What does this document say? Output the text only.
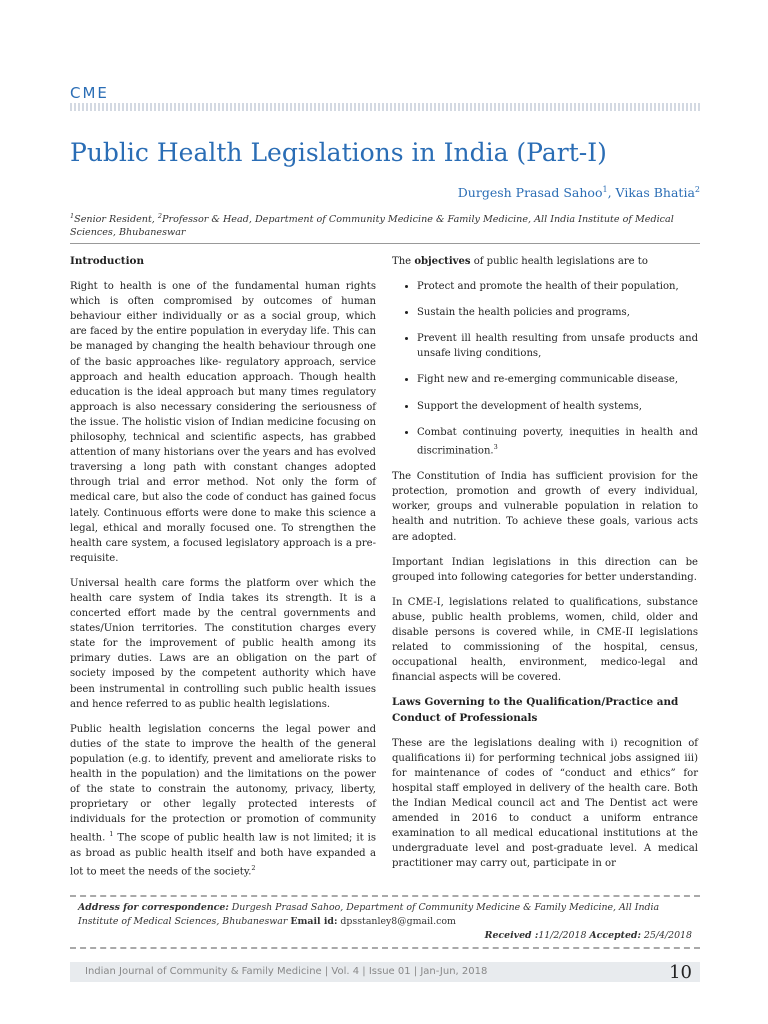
CME
Public Health Legislations in India (Part-I)
Durgesh Prasad Sahoo$^1$, Vikas Bhatia$^2$
$^1$Senior Resident, $^2$Professor & Head, Department of Community Medicine & Family Medicine, All India Institute of Medical Sciences, Bhubaneswar
Introduction

Right to health is one of the fundamental human rights which is often compromised by outcomes of human behaviour either individually or as a social group, which are faced by the entire population in everyday life. This can be managed by changing the health behaviour through one of the basic approaches like- regulatory approach, service approach and health education approach. Though health education is the ideal approach but many times regulatory approach is also necessary considering the seriousness of the issue. The holistic vision of Indian medicine focusing on philosophy, technical and scientific aspects, has grabbed attention of many historians over the years and has evolved traversing a long path with constant changes adopted through trial and error method. Not only the form of medical care, but also the code of conduct has gained focus lately. Continuous efforts were done to make this science a legal, ethical and morally focused one. To strengthen the health care system, a focused legislatory approach is a pre-requisite.

Universal health care forms the platform over which the health care system of India takes its strength. It is a concerted effort made by the central governments and states/Union territories. The constitution charges every state for the improvement of public health among its primary duties. Laws are an obligation on the part of society imposed by the competent authority which have been instrumental in controlling such public health issues and hence referred to as public health legislations.

Public health legislation concerns the legal power and duties of the state to improve the health of the general population (e.g. to identify, prevent and ameliorate risks to health in the population) and the limitations on the power of the state to constrain the autonomy, privacy, liberty, proprietary or other legally protected interests of individuals for the protection or promotion of community health. $^1$ The scope of public health law is not limited; it is as broad as public health itself and both have expanded a lot to meet the needs of the society.$^2$

The objectives of public health legislations are to

• Protect and promote the health of their population,
• Sustain the health policies and programs,
• Prevent ill health resulting from unsafe products and unsafe living conditions,
• Fight new and re-emerging communicable disease,
• Support the development of health systems,
• Combat continuing poverty, inequities in health and discrimination.$^3$

The Constitution of India has sufficient provision for the protection, promotion and growth of every individual, worker, groups and vulnerable population in relation to health and nutrition. To achieve these goals, various acts are adopted.

Important Indian legislations in this direction can be grouped into following categories for better understanding.

In CME-I, legislations related to qualifications, substance abuse, public health problems, women, child, older and disable persons is covered while, in CME-II legislations related to commissioning of the hospital, census, occupational health, environment, medico-legal and financial aspects will be covered.

Laws Governing to the Qualification/Practice and Conduct of Professionals

These are the legislations dealing with i) recognition of qualifications ii) for performing technical jobs assigned iii) for maintenance of codes of “conduct and ethics” for hospital staff employed in delivery of the health care. Both the Indian Medical council act and The Dentist act were amended in 2016 to conduct a uniform entrance examination to all medical educational institutions at the undergraduate level and post-graduate level. A medical practitioner may carry out, participate in or

Address for correspondence: Durgesh Prasad Sahoo, Department of Community Medicine & Family Medicine, All India Institute of Medical Sciences, Bhubaneswar Email id: dpsstanley8@gmail.com
Received :11/2/2018 Accepted: 25/4/2018
Indian Journal of Community & Family Medicine | Vol. 4 | Issue 01 | Jan-Jun, 2018	10
